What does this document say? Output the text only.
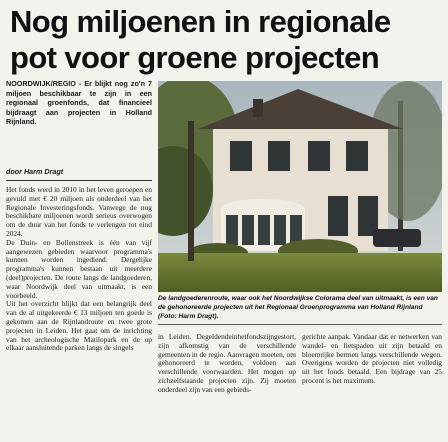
Nog miljoenen in regionale
pot voor groene projecten
NOORDWIJK/REGIO - Er blijkt nog zo'n 7 miljoen beschikbaar te zijn in een regionaal groenfonds, dat financieel bijdraagt aan projecten in Holland Rijnland.
door Harm Dragt

Het fonds werd in 2010 in het leven geroepen en gevuld met € 20 miljoen als onderdeel van het Regionale Investeringsfonds. Vanwege de nog beschikbare miljoenen wordt serieus overwogen om de duur van het fonds te verlengen tot eind 2024.

De Duin- en Bollenstreek is één van vijf aangewezen gebieden waarvoor programma's kunnen worden ingediend. Dergelijke programma's kunnen bestaan uit meerdere (deel)projecten. De route langs de landgoederen, waar Noordwijk deel van uitmaakt, is een voorbeeld.

Uit het overzicht blijkt dat een belangrijk deel van de al uitgekeerde € 13 miljoen ten goede is gekomen aan de Rijnlandroute en twee grote projecten in Leiden. Het gaat om de inrichting van het archeologische Matilopark en de op elkaar aansluitende parken langs de singels

De landgoederenroute, waar ook het Noordwijkse Colorama deel van uitmaakt, is een van de gehonoreerde projecten uit het Regionaal Groenprogramma van Holland Rijnland (Foto: Harm Dragt).
in Leiden. Degeldendeinhetfondszijngestort, zijn afkomstig van de verschillende gemeenten in de regio. Aanvragen moeten, om gehonoreerd te worden, voldoen aan verschillende voorwaarden. Het mogen op zichzelfstaande projecten zijn. Zij moeten onderdeel zijn van een gebieds-
gerichte aanpak. Vandaar dat er netwerken van wandel- en fietspaden uit zijn betaald en bloemrijke bermen langs verschillende wegen. Overigens worden de projecten niet volledig uit het fonds betaald. Een bijdrage van 25 procent is het maximum.
